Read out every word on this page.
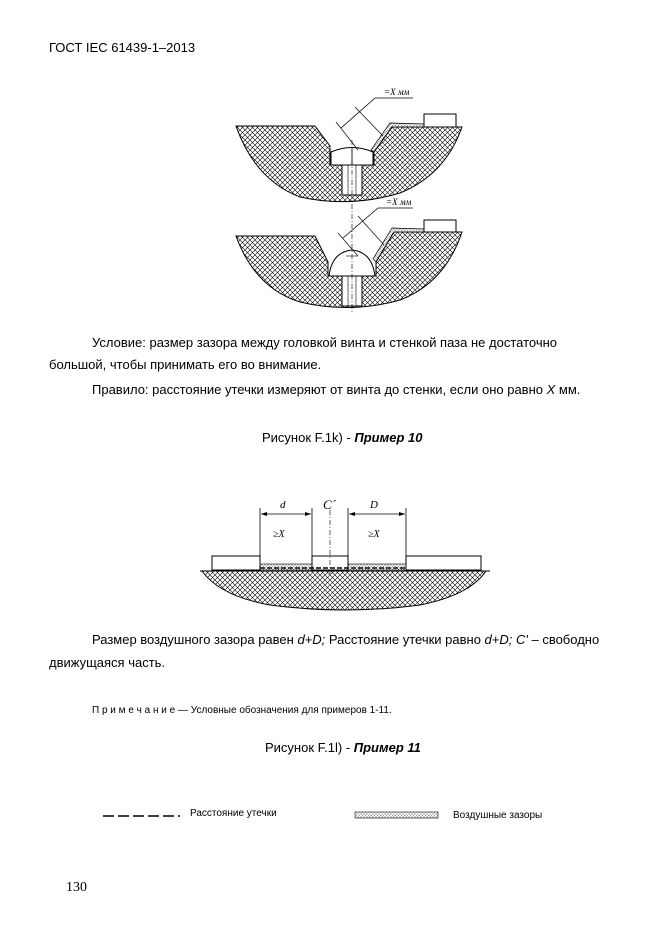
ГОСТ IEC 61439-1–2013
=X мм
=X мм
Условие: размер зазора между головкой винта и стенкой паза не достаточно
большой, чтобы принимать его во внимание.
Правило: расстояние утечки измеряют от винта до стенки, если оно равно X мм.
Рисунок F.1k) - Пример 10
d	C´	D
≥X	≥X
Размер воздушного зазора равен d+D; Расстояние утечки равно d+D; C' – свободно
движущаяся часть.
П р и м е ч а н и е — Условные обозначения для примеров 1-11.
Рисунок F.1l) - Пример 11
Расстояние утечки	Воздушные зазоры
130
